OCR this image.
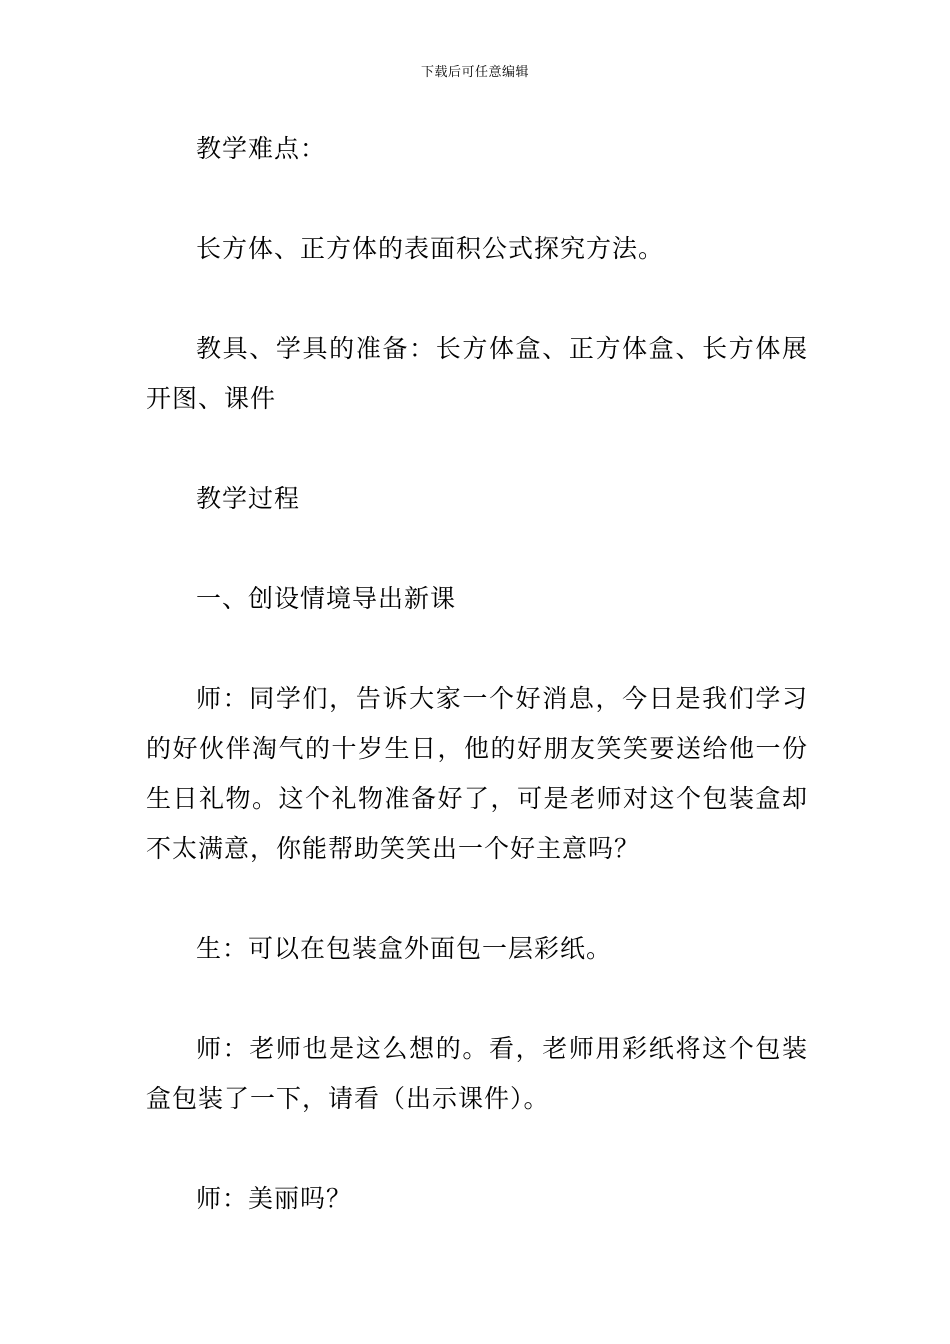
下载后可任意编辑

教学难点：

长方体、正方体的表面积公式探究方法。

教具、学具的准备：长方体盒、正方体盒、长方体展开图、课件

教学过程

一、创设情境导出新课

师：同学们，告诉大家一个好消息，今日是我们学习的好伙伴淘气的十岁生日，他的好朋友笑笑要送给他一份生日礼物。这个礼物准备好了，可是老师对这个包装盒却不太满意，你能帮助笑笑出一个好主意吗？

生：可以在包装盒外面包一层彩纸。

师：老师也是这么想的。看，老师用彩纸将这个包装盒包装了一下，请看（出示课件）。

师：美丽吗？
